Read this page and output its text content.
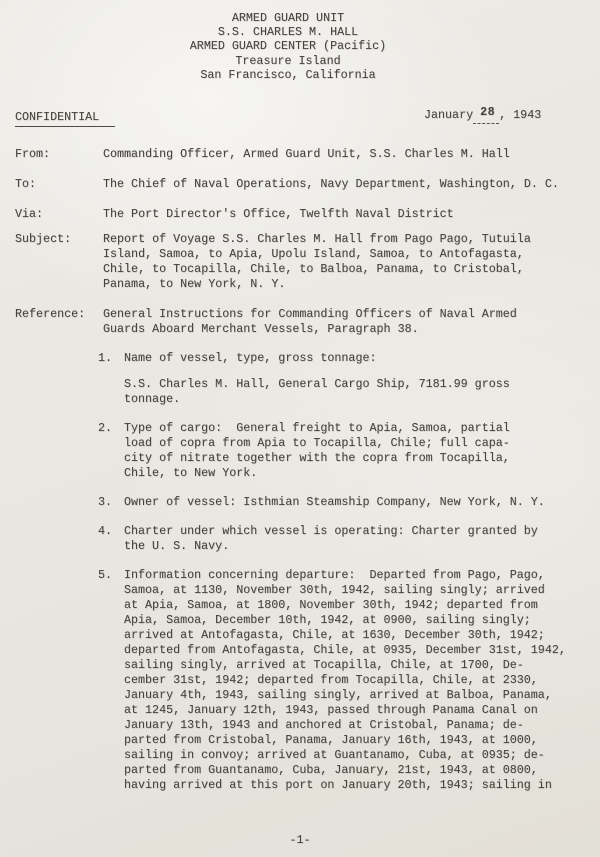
ARMED GUARD UNIT
S.S. CHARLES M. HALL
ARMED GUARD CENTER (Pacific)
Treasure Island
San Francisco, California
CONFIDENTIAL	January 28 , 1943
From:	Commanding Officer, Armed Guard Unit, S.S. Charles M. Hall
To:	The Chief of Naval Operations, Navy Department, Washington, D. C.
Via:	The Port Director's Office, Twelfth Naval District
Subject:	Report of Voyage S.S. Charles M. Hall from Pago Pago, Tutuila
Island, Samoa, to Apia, Upolu Island, Samoa, to Antofagasta,
Chile, to Tocapilla, Chile, to Balboa, Panama, to Cristobal,
Panama, to New York, N. Y.
Reference:	General Instructions for Commanding Officers of Naval Armed
Guards Aboard Merchant Vessels, Paragraph 38.
1.	Name of vessel, type, gross tonnage:
S.S. Charles M. Hall, General Cargo Ship, 7181.99 gross
tonnage.
2.	Type of cargo:  General freight to Apia, Samoa, partial
load of copra from Apia to Tocapilla, Chile; full capa-
city of nitrate together with the copra from Tocapilla,
Chile, to New York.
3.	Owner of vessel: Isthmian Steamship Company, New York, N. Y.
4.	Charter under which vessel is operating: Charter granted by
the U. S. Navy.
5.	Information concerning departure:  Departed from Pago, Pago,
Samoa, at 1130, November 30th, 1942, sailing singly; arrived
at Apia, Samoa, at 1800, November 30th, 1942; departed from
Apia, Samoa, December 10th, 1942, at 0900, sailing singly;
arrived at Antofagasta, Chile, at 1630, December 30th, 1942;
departed from Antofagasta, Chile, at 0935, December 31st, 1942,
sailing singly, arrived at Tocapilla, Chile, at 1700, De-
cember 31st, 1942; departed from Tocapilla, Chile, at 2330,
January 4th, 1943, sailing singly, arrived at Balboa, Panama,
at 1245, January 12th, 1943, passed through Panama Canal on
January 13th, 1943 and anchored at Cristobal, Panama; de-
parted from Cristobal, Panama, January 16th, 1943, at 1000,
sailing in convoy; arrived at Guantanamo, Cuba, at 0935; de-
parted from Guantanamo, Cuba, January, 21st, 1943, at 0800,
having arrived at this port on January 20th, 1943; sailing in
-1-
